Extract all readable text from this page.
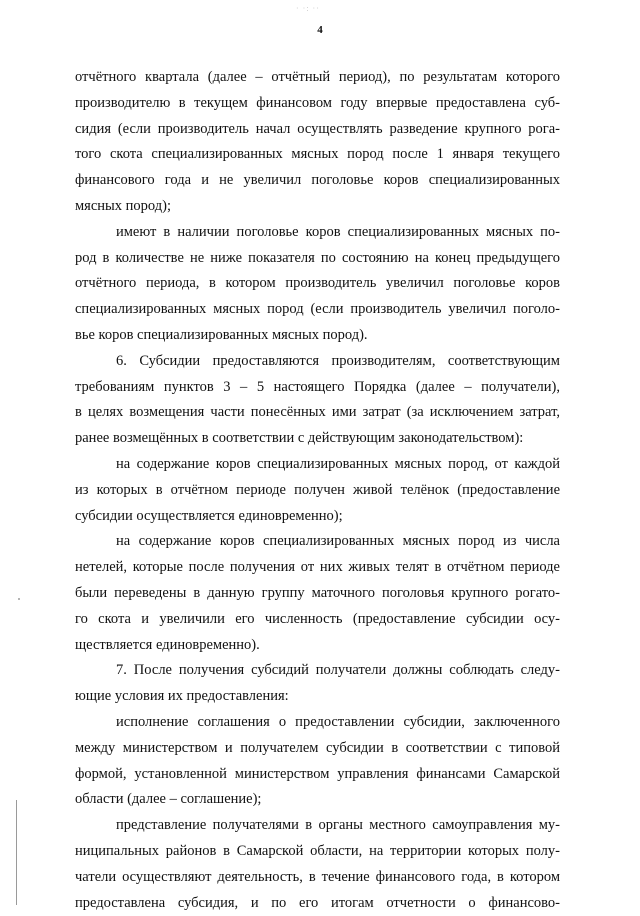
· ·: ··
4
отчётного квартала (далее – отчётный период), по результатам которого
производителю в текущем финансовом году впервые предоставлена суб-
сидия (если производитель начал осуществлять разведение крупного рога-
того скота специализированных мясных пород после 1 января текущего
финансового года и не увеличил поголовье коров специализированных
мясных пород);
имеют в наличии поголовье коров специализированных мясных по-
род в количестве не ниже показателя по состоянию на конец предыдущего
отчётного периода, в котором производитель увеличил поголовье коров
специализированных мясных пород (если производитель увеличил поголо-
вье коров специализированных мясных пород).
6. Субсидии предоставляются производителям, соответствующим
требованиям пунктов 3 – 5 настоящего Порядка (далее – получатели),
в целях возмещения части понесённых ими затрат (за исключением затрат,
ранее возмещённых в соответствии с действующим законодательством):
на содержание коров специализированных мясных пород, от каждой
из которых в отчётном периоде получен живой телёнок (предоставление
субсидии осуществляется единовременно);
на содержание коров специализированных мясных пород из числа
нетелей, которые после получения от них живых телят в отчётном периоде
были переведены в данную группу маточного поголовья крупного рогато-
го скота и увеличили его численность (предоставление субсидии осу-
ществляется единовременно).
7. После получения субсидий получатели должны соблюдать следу-
ющие условия их предоставления:
исполнение соглашения о предоставлении субсидии, заключенного
между министерством и получателем субсидии в соответствии с типовой
формой, установленной министерством управления финансами Самарской
области (далее – соглашение);
представление получателями в органы местного самоуправления му-
ниципальных районов в Самарской области, на территории которых полу-
чатели осуществляют деятельность, в течение финансового года, в котором
предоставлена субсидия, и по его итогам отчетности о финансово-
